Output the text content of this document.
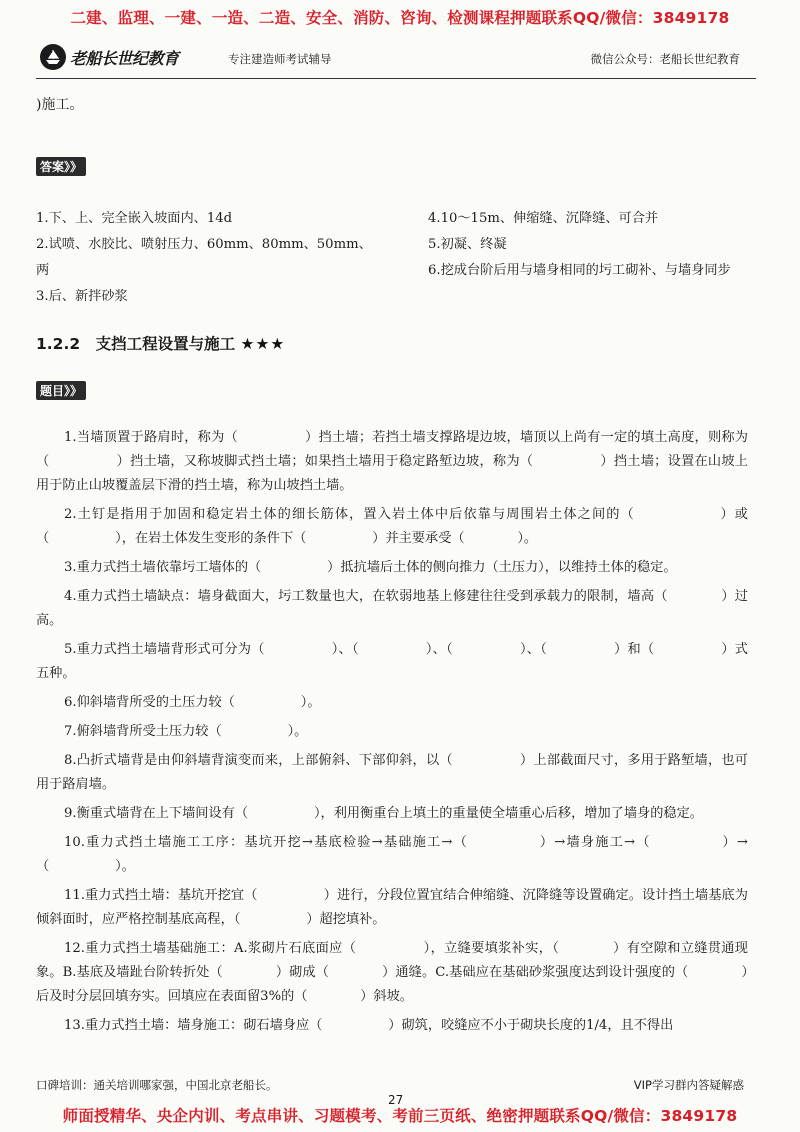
二建、监理、一建、一造、二造、安全、消防、咨询、检测课程押题联系QQ/微信：3849178
老船长世纪教育	专注建造师考试辅导	微信公众号：老船长世纪教育
)施工。
答案》》
1.下、上、完全嵌入坡面内、14d
2.试喷、水胶比、喷射压力、60mm、80mm、50mm、两
3.后、新拌砂浆
4.10～15m、伸缩缝、沉降缝、可合并
5.初凝、终凝
6.挖成台阶后用与墙身相同的圬工砌补、与墙身同步
1.2.2　支挡工程设置与施工 ★★★
题目》》

1.当墙顶置于路肩时，称为（　　　　　）挡土墙；若挡土墙支撑路堤边坡，墙顶以上尚有一定的填土高度，则称为（　　　　　）挡土墙，又称坡脚式挡土墙；如果挡土墙用于稳定路堑边坡，称为（　　　　　）挡土墙；设置在山坡上用于防止山坡覆盖层下滑的挡土墙，称为山坡挡土墙。

2.土钉是指用于加固和稳定岩土体的细长筋体，置入岩土体中后依靠与周围岩土体之间的（　　　　　　）或（　　　　　），在岩土体发生变形的条件下（　　　　　）并主要承受（　　　　）。

3.重力式挡土墙依靠圬工墙体的（　　　　　）抵抗墙后土体的侧向推力（土压力），以维持土体的稳定。

4.重力式挡土墙缺点：墙身截面大，圬工数量也大，在软弱地基上修建往往受到承载力的限制，墙高（　　　　）过高。

5.重力式挡土墙墙背形式可分为（　　　　　）、（　　　　　）、（　　　　　）、（　　　　　）和（　　　　　）式五种。

6.仰斜墙背所受的土压力较（　　　　　）。

7.俯斜墙背所受土压力较（　　　　　）。

8.凸折式墙背是由仰斜墙背演变而来，上部俯斜、下部仰斜，以（　　　　　）上部截面尺寸，多用于路堑墙，也可用于路肩墙。

9.衡重式墙背在上下墙间设有（　　　　　），利用衡重台上填土的重量使全墙重心后移，增加了墙身的稳定。

10.重力式挡土墙施工工序：基坑开挖→基底检验→基础施工→（　　　　　）→墙身施工→（　　　　　）→（　　　　　）。

11.重力式挡土墙：基坑开挖宜（　　　　　）进行，分段位置宜结合伸缩缝、沉降缝等设置确定。设计挡土墙基底为倾斜面时，应严格控制基底高程，（　　　　　）超挖填补。

12.重力式挡土墙基础施工：A.浆砌片石底面应（　　　　　），立缝要填浆补实，（　　　　）有空隙和立缝贯通现象。B.基底及墙趾台阶转折处（　　　　）砌成（　　　　）通缝。C.基础应在基础砂浆强度达到设计强度的（　　　　）后及时分层回填夯实。回填应在表面留3%的（　　　　）斜坡。

13.重力式挡土墙：墙身施工：砌石墙身应（　　　　　）砌筑，咬缝应不小于砌块长度的1/4，且不得出

口碑培训：通关培训哪家强，中国北京老船长。	VIP学习群内答疑解惑
27
师面授精华、央企内训、考点串讲、习题模考、考前三页纸、绝密押题联系QQ/微信：3849178
